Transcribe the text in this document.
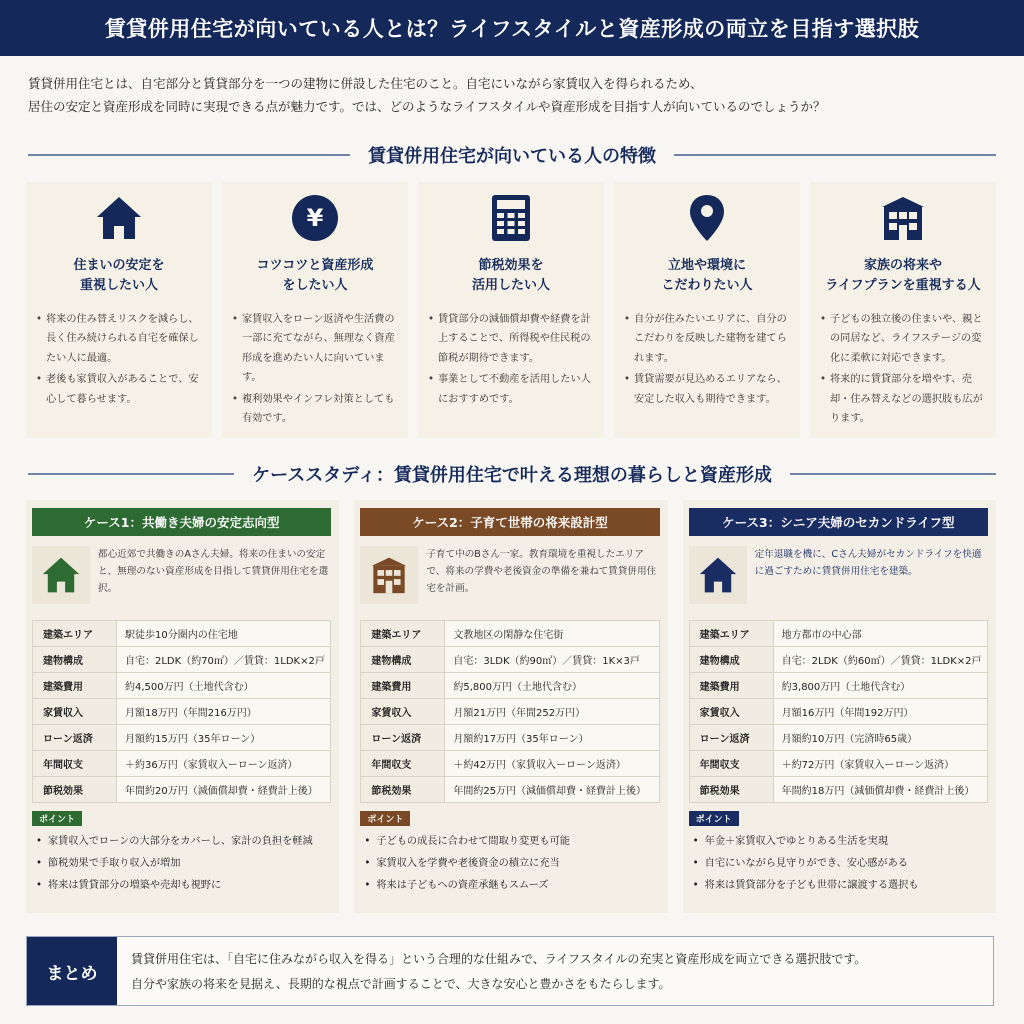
賃貸併用住宅が向いている人とは？ライフスタイルと資産形成の両立を目指す選択肢
賃貸併用住宅とは、自宅部分と賃貸部分を一つの建物に併設した住宅のこと。自宅にいながら家賃収入を得られるため、
居住の安定と資産形成を同時に実現できる点が魅力です。では、どのようなライフスタイルや資産形成を目指す人が向いているのでしょうか？
賃貸併用住宅が向いている人の特徴
住まいの安定を
重視したい人
• 将来の住み替えリスクを減らし、長く住み続けられる自宅を確保したい人に最適。
• 老後も家賃収入があることで、安心して暮らせます。
¥
コツコツと資産形成
をしたい人
• 家賃収入をローン返済や生活費の一部に充てながら、無理なく資産形成を進めたい人に向いています。
• 複利効果やインフレ対策としても有効です。
節税効果を
活用したい人
• 賃貸部分の減価償却費や経費を計上することで、所得税や住民税の節税が期待できます。
• 事業として不動産を活用したい人におすすめです。
立地や環境に
こだわりたい人
• 自分が住みたいエリアに、自分のこだわりを反映した建物を建てられます。
• 賃貸需要が見込めるエリアなら、安定した収入も期待できます。
家族の将来や
ライフプランを重視する人
• 子どもの独立後の住まいや、親との同居など、ライフステージの変化に柔軟に対応できます。
• 将来的に賃貸部分を増やす、売却・住み替えなどの選択肢も広がります。
ケーススタディ：賃貸併用住宅で叶える理想の暮らしと資産形成
ケース1：共働き夫婦の安定志向型
都心近郊で共働きのAさん夫婦。将来の住まいの安定と、無理のない資産形成を目指して賃貸併用住宅を選択。
建築エリア	駅徒歩10分圏内の住宅地
建物構成	自宅：2LDK（約70㎡）／賃貸：1LDK×2戸
建築費用	約4,500万円（土地代含む）
家賃収入	月額18万円（年間216万円）
ローン返済	月額約15万円（35年ローン）
年間収支	＋約36万円（家賃収入ーローン返済）
節税効果	年間約20万円（減価償却費・経費計上後）
ポイント
• 家賃収入でローンの大部分をカバーし、家計の負担を軽減
• 節税効果で手取り収入が増加
• 将来は賃貸部分の増築や売却も視野に
ケース2：子育て世帯の将来設計型
子育て中のBさん一家。教育環境を重視したエリアで、将来の学費や老後資金の準備を兼ねて賃貸併用住宅を計画。
建築エリア	文教地区の閑静な住宅街
建物構成	自宅：3LDK（約90㎡）／賃貸：1K×3戸
建築費用	約5,800万円（土地代含む）
家賃収入	月額21万円（年間252万円）
ローン返済	月額約17万円（35年ローン）
年間収支	＋約42万円（家賃収入ーローン返済）
節税効果	年間約25万円（減価償却費・経費計上後）
ポイント
• 子どもの成長に合わせて間取り変更も可能
• 家賃収入を学費や老後資金の積立に充当
• 将来は子どもへの資産承継もスムーズ
ケース3：シニア夫婦のセカンドライフ型
定年退職を機に、Cさん夫婦がセカンドライフを快適に過ごすために賃貸併用住宅を建築。
建築エリア	地方都市の中心部
建物構成	自宅：2LDK（約60㎡）／賃貸：1LDK×2戸
建築費用	約3,800万円（土地代含む）
家賃収入	月額16万円（年間192万円）
ローン返済	月額約10万円（完済時65歳）
年間収支	＋約72万円（家賃収入ーローン返済）
節税効果	年間約18万円（減価償却費・経費計上後）
ポイント
• 年金＋家賃収入でゆとりある生活を実現
• 自宅にいながら見守りができ、安心感がある
• 将来は賃貸部分を子ども世帯に譲渡する選択も
まとめ
賃貸併用住宅は、「自宅に住みながら収入を得る」という合理的な仕組みで、ライフスタイルの充実と資産形成を両立できる選択肢です。
自分や家族の将来を見据え、長期的な視点で計画することで、大きな安心と豊かさをもたらします。
